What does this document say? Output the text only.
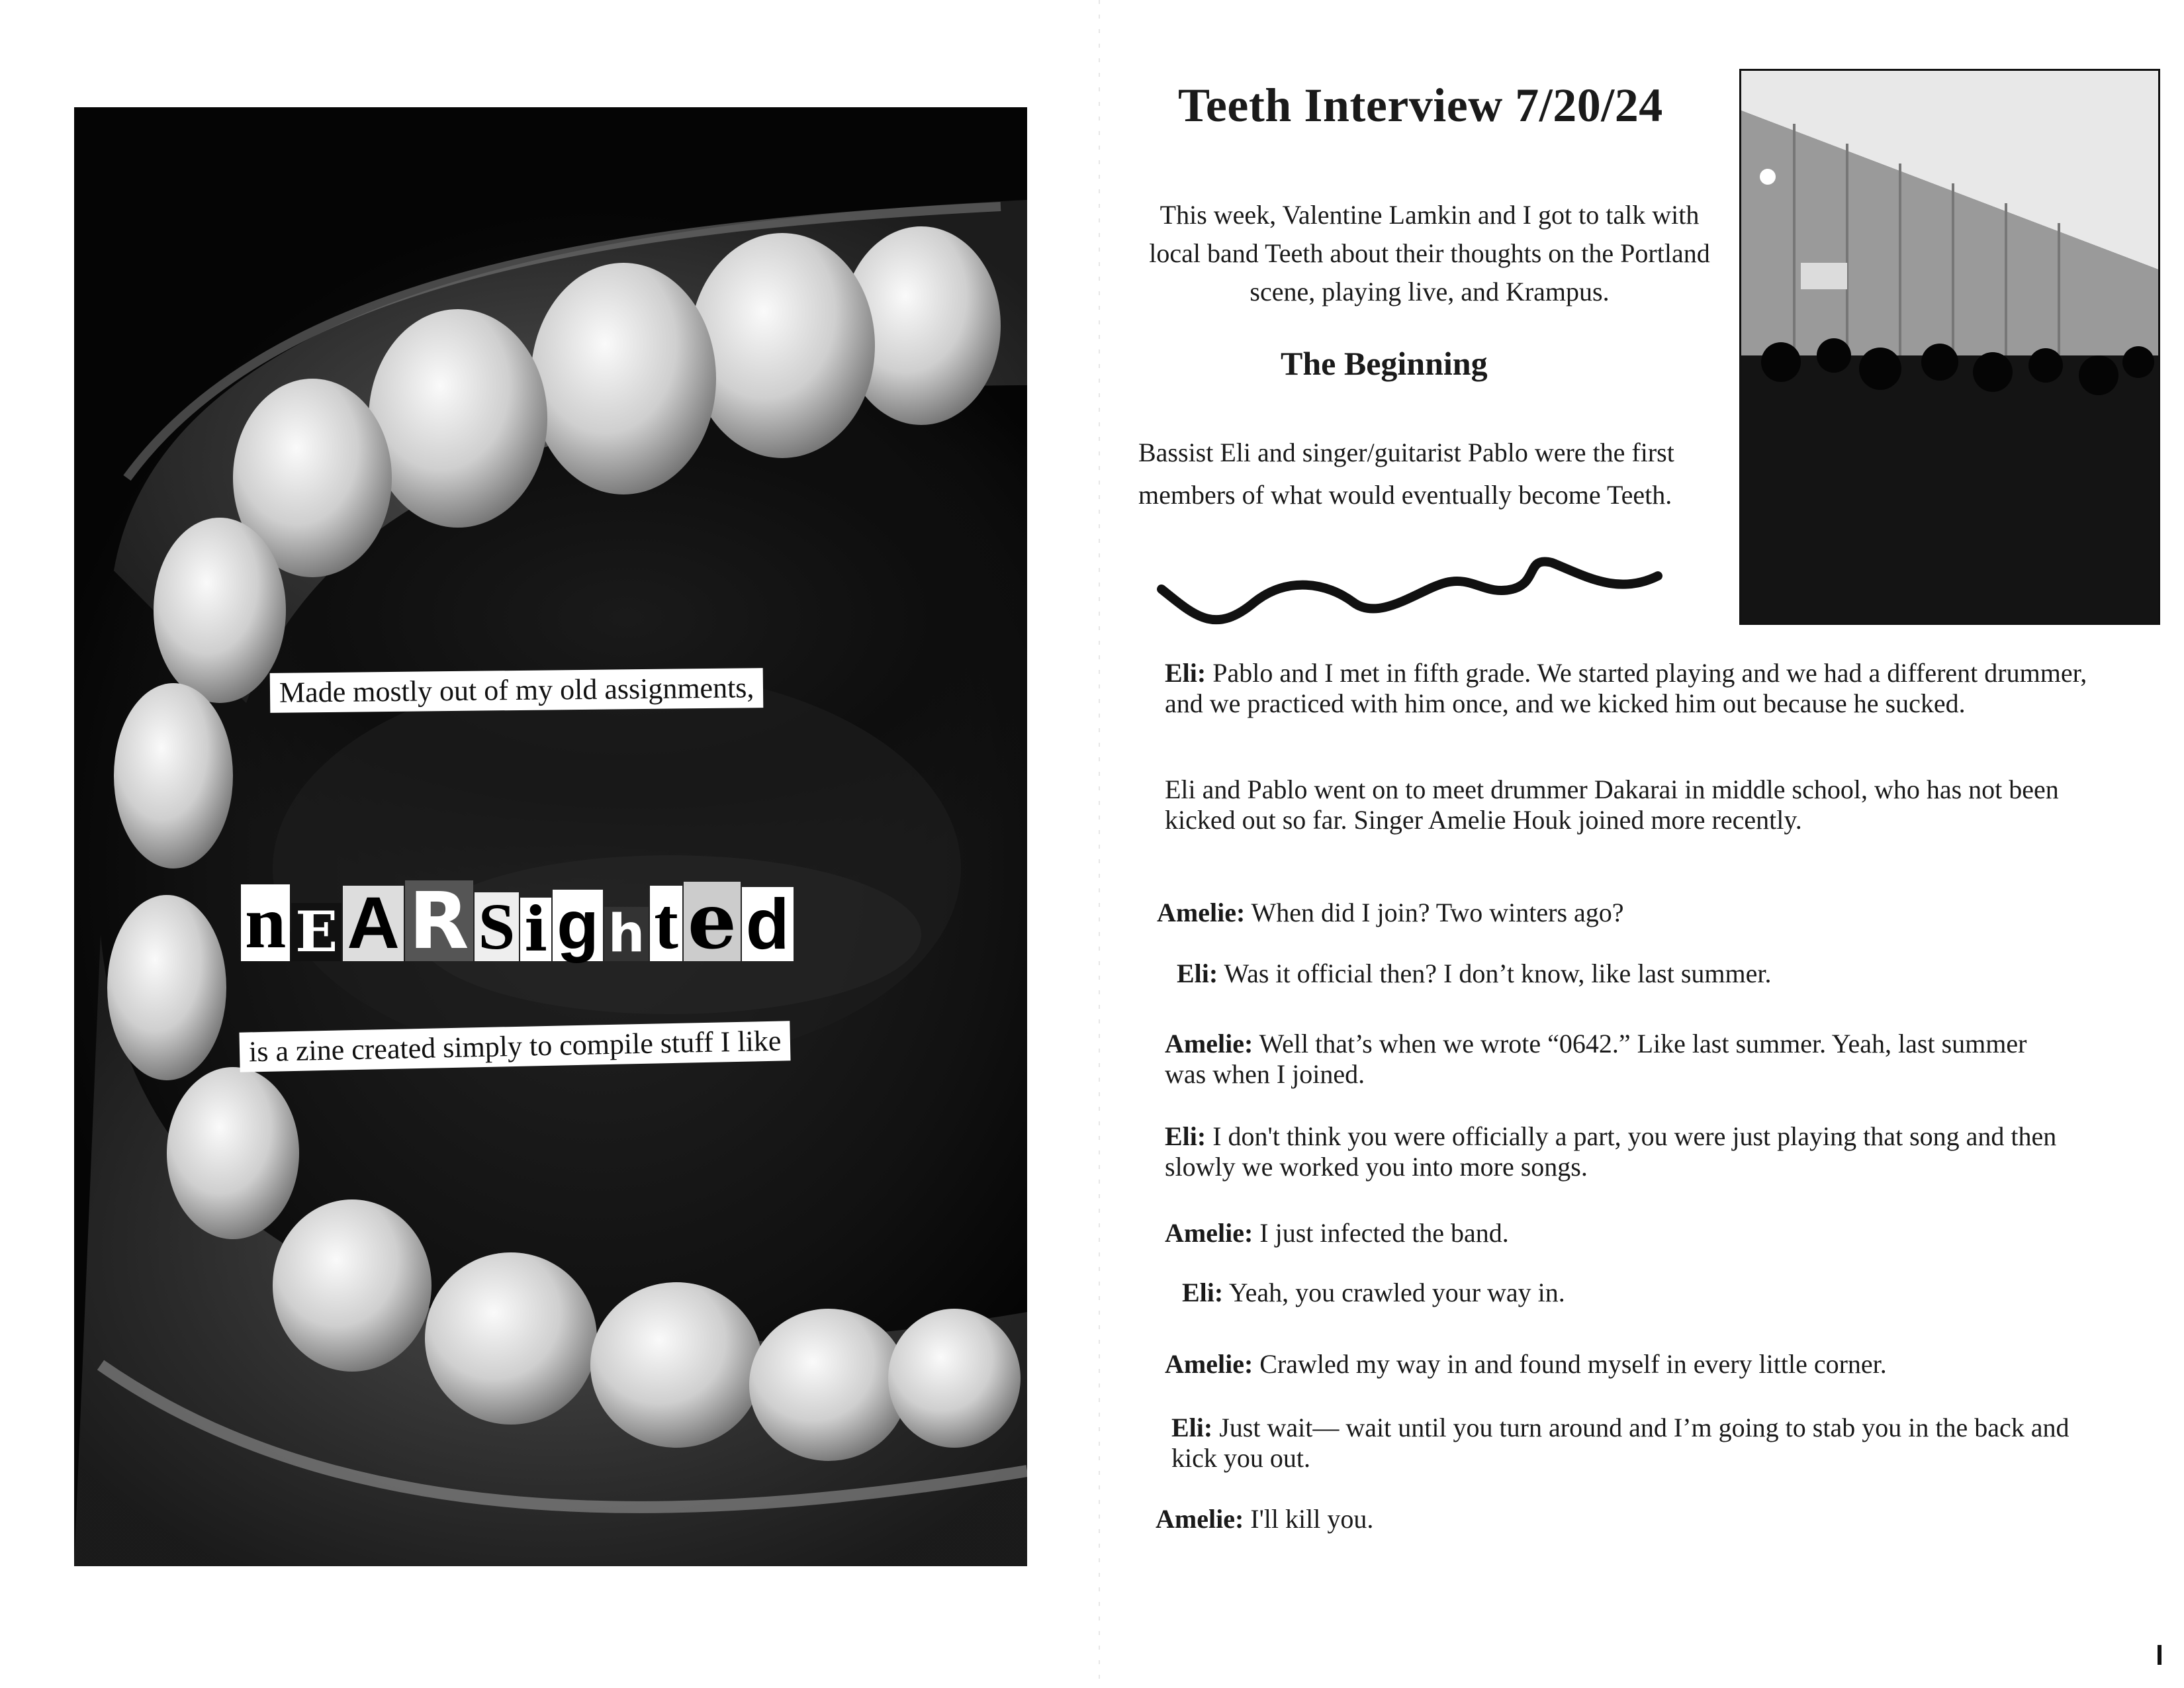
Made mostly out of my old assignments,
n E A R S i g h t e d
is a zine created simply to compile stuff I like
Teeth Interview 7/20/24

This week, Valentine Lamkin and I got to talk with local band Teeth about their thoughts on the Portland scene, playing live, and Krampus.

The Beginning

Bassist Eli and singer/guitarist Pablo were the first members of what would eventually become Teeth.

Eli: Pablo and I met in fifth grade. We started playing and we had a different drummer, and we practiced with him once, and we kicked him out because he sucked.

Eli and Pablo went on to meet drummer Dakarai in middle school, who has not been kicked out so far. Singer Amelie Houk joined more recently.

Amelie: When did I join? Two winters ago?

Eli: Was it official then? I don’t know, like last summer.

Amelie: Well that’s when we wrote “0642.” Like last summer. Yeah, last summer was when I joined.

Eli: I don't think you were officially a part, you were just playing that song and then slowly we worked you into more songs.

Amelie: I just infected the band.

Eli: Yeah, you crawled your way in.

Amelie: Crawled my way in and found myself in every little corner.

Eli: Just wait— wait until you turn around and I’m going to stab you in the back and kick you out.

Amelie: I'll kill you.
